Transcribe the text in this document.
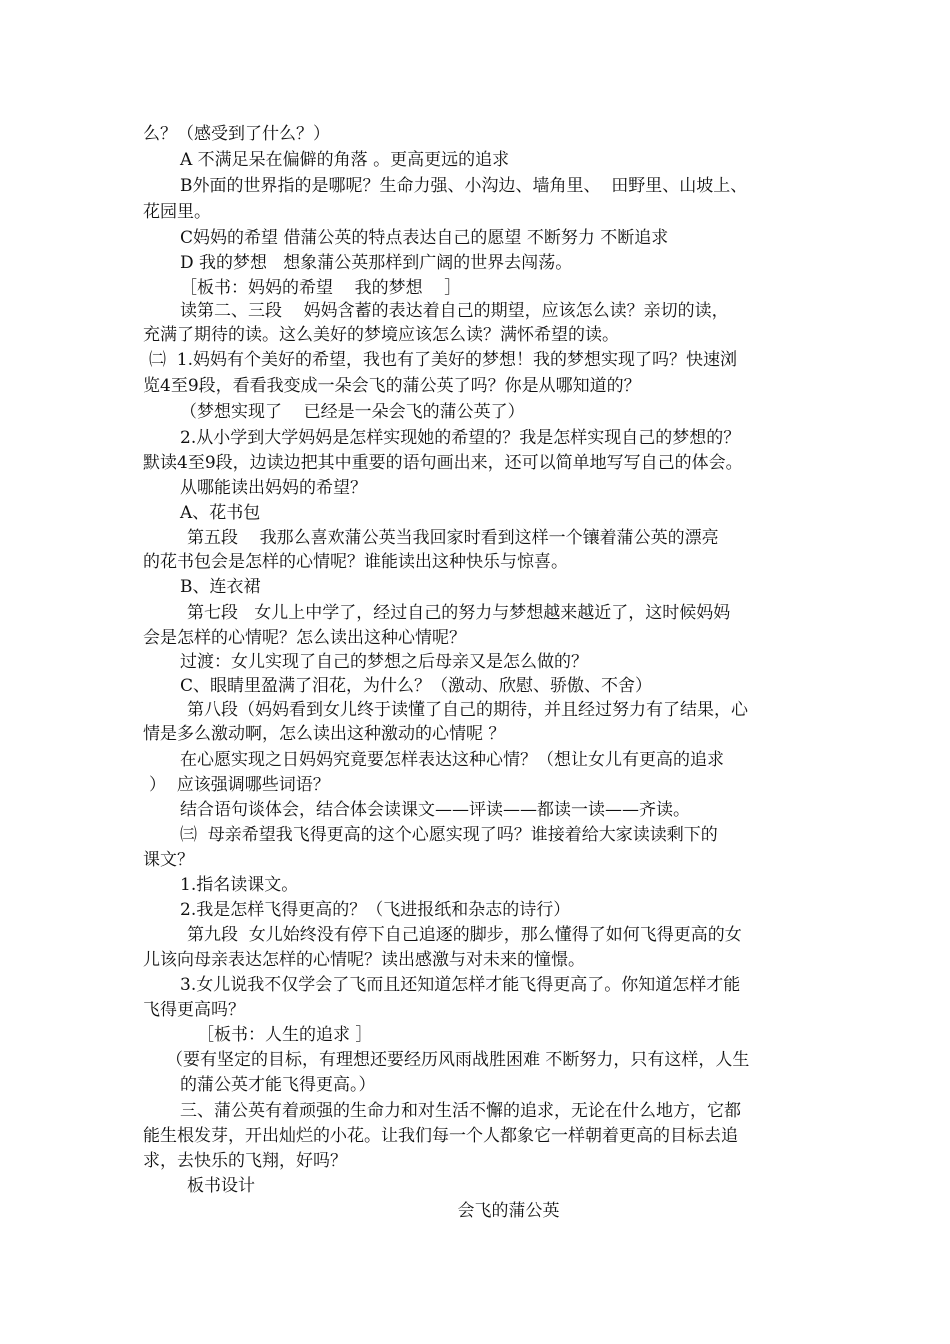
么？（感受到了什么？）
A 不满足呆在偏僻的角落 。更高更远的追求
B外面的世界指的是哪呢？生命力强、小沟边、墙角里、  田野里、山坡上、
花园里。
C妈妈的希望 借蒲公英的特点表达自己的愿望 不断努力 不断追求
D 我的梦想   想象蒲公英那样到广阔的世界去闯荡。
［板书：妈妈的希望    我的梦想    ］
读第二、三段    妈妈含蓄的表达着自己的期望，应该怎么读？亲切的读，
充满了期待的读。这么美好的梦境应该怎么读？满怀希望的读。
㈡  1.妈妈有个美好的希望，我也有了美好的梦想！我的梦想实现了吗？快速浏
览4至9段，看看我变成一朵会飞的蒲公英了吗？你是从哪知道的？
（梦想实现了    已经是一朵会飞的蒲公英了）
2.从小学到大学妈妈是怎样实现她的希望的？我是怎样实现自己的梦想的？
默读4至9段，边读边把其中重要的语句画出来，还可以简单地写写自己的体会。
从哪能读出妈妈的希望？
A、花书包
第五段    我那么喜欢蒲公英当我回家时看到这样一个镶着蒲公英的漂亮
的花书包会是怎样的心情呢？谁能读出这种快乐与惊喜。
B、连衣裙
第七段   女儿上中学了，经过自己的努力与梦想越来越近了，这时候妈妈
会是怎样的心情呢？怎么读出这种心情呢？
过渡：女儿实现了自己的梦想之后母亲又是怎么做的？
C、眼睛里盈满了泪花，为什么？（激动、欣慰、骄傲、不舍）
第八段（妈妈看到女儿终于读懂了自己的期待，并且经过努力有了结果，心
情是多么激动啊，怎么读出这种激动的心情呢 ？
在心愿实现之日妈妈究竟要怎样表达这种心情？（想让女儿有更高的追求
）  应该强调哪些词语？
结合语句谈体会，结合体会读课文——评读——都读一读——齐读。
㈢  母亲希望我飞得更高的这个心愿实现了吗？谁接着给大家读读剩下的
课文？
1.指名读课文。
2.我是怎样飞得更高的？（飞进报纸和杂志的诗行）
第九段  女儿始终没有停下自己追逐的脚步，那么懂得了如何飞得更高的女
儿该向母亲表达怎样的心情呢？读出感激与对未来的憧憬。
3.女儿说我不仅学会了飞而且还知道怎样才能飞得更高了。你知道怎样才能
飞得更高吗？
［板书：人生的追求 ］
（要有坚定的目标，有理想还要经历风雨战胜困难 不断努力，只有这样，人生
的蒲公英才能飞得更高。）
三、蒲公英有着顽强的生命力和对生活不懈的追求，无论在什么地方，它都
能生根发芽，开出灿烂的小花。让我们每一个人都象它一样朝着更高的目标去追
求，去快乐的飞翔，好吗？
板书设计
会飞的蒲公英
